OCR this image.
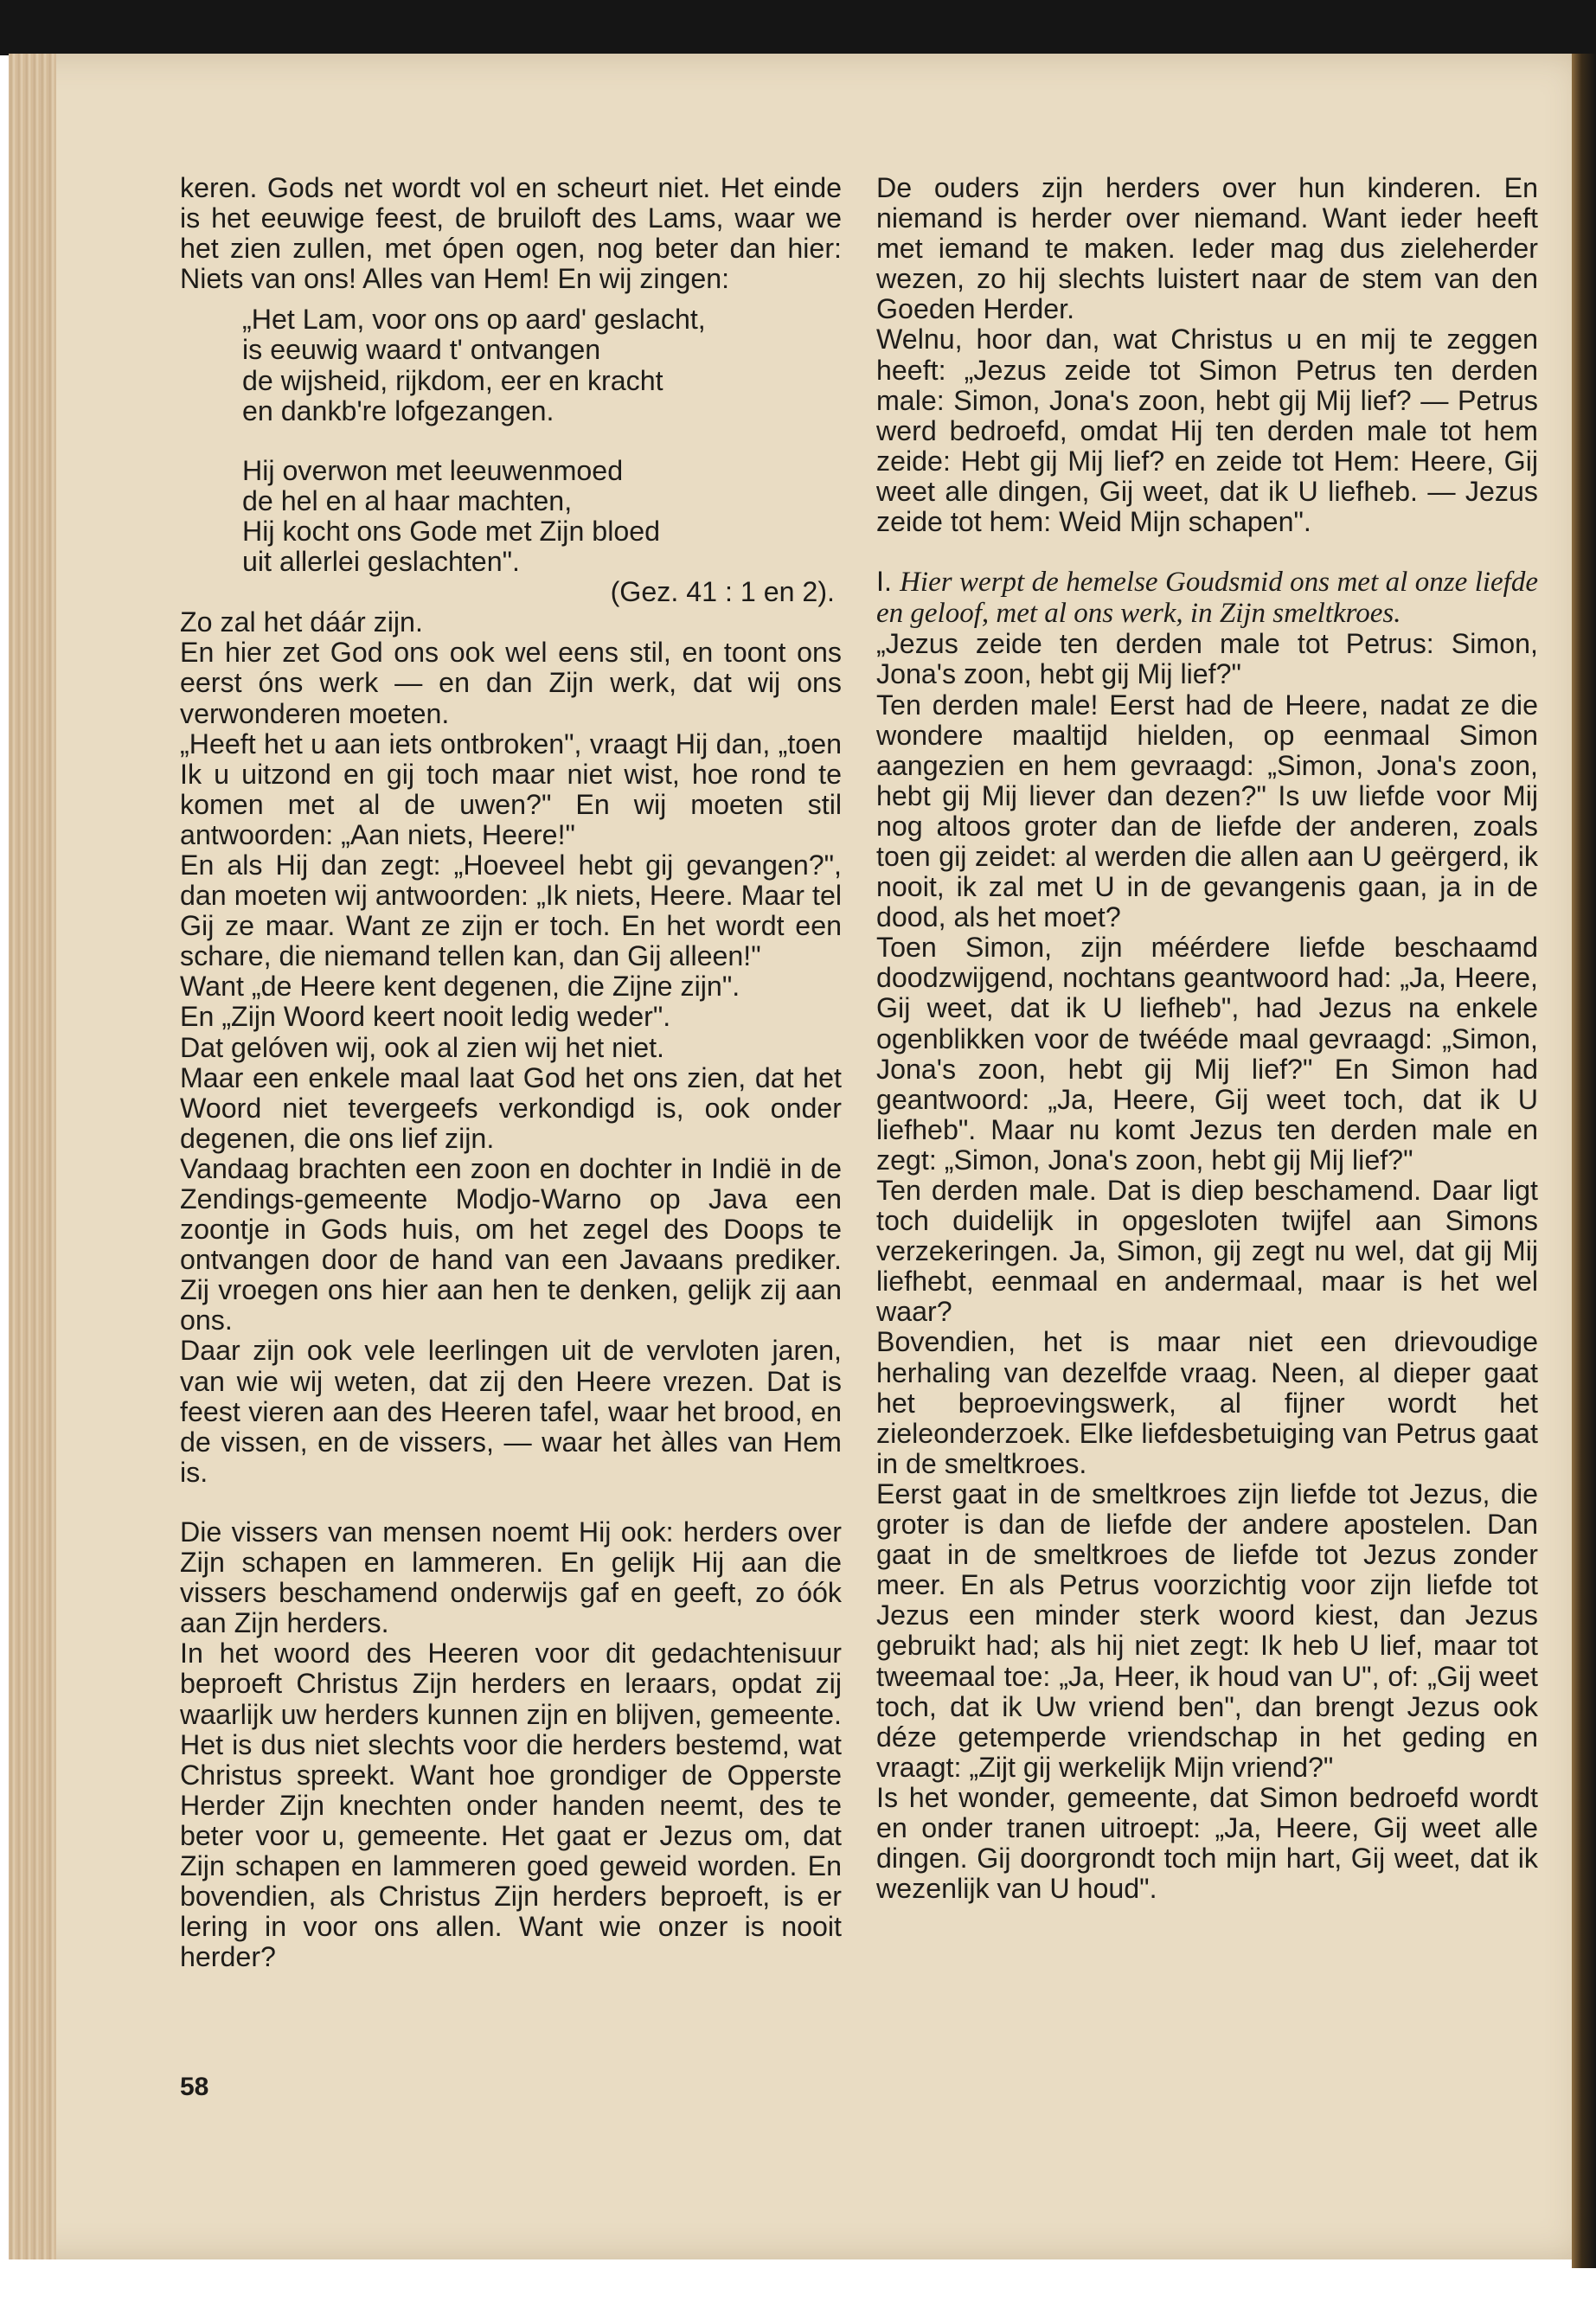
keren. Gods net wordt vol en scheurt niet. Het einde is het eeuwige feest, de bruiloft des Lams, waar we het zien zullen, met ópen ogen, nog beter dan hier: Niets van ons! Alles van Hem! En wij zingen:

„Het Lam, voor ons op aard' geslacht,
is eeuwig waard t' ontvangen
de wijsheid, rijkdom, eer en kracht
en dankb're lofgezangen.
Hij overwon met leeuwenmoed
de hel en al haar machten,
Hij kocht ons Gode met Zijn bloed
uit allerlei geslachten".

(Gez. 41 : 1 en 2).

Zo zal het dáár zijn.

En hier zet God ons ook wel eens stil, en toont ons eerst óns werk — en dan Zijn werk, dat wij ons verwonderen moeten.

„Heeft het u aan iets ontbroken", vraagt Hij dan, „toen Ik u uitzond en gij toch maar niet wist, hoe rond te komen met al de uwen?" En wij moeten stil antwoorden: „Aan niets, Heere!"

En als Hij dan zegt: „Hoeveel hebt gij gevangen?", dan moeten wij antwoorden: „Ik niets, Heere. Maar tel Gij ze maar. Want ze zijn er toch. En het wordt een schare, die niemand tellen kan, dan Gij alleen!"

Want „de Heere kent degenen, die Zijne zijn".

En „Zijn Woord keert nooit ledig weder".

Dat gelóven wij, ook al zien wij het niet.

Maar een enkele maal laat God het ons zien, dat het Woord niet tevergeefs verkondigd is, ook onder degenen, die ons lief zijn.

Vandaag brachten een zoon en dochter in Indië in de Zendings-gemeente Modjo-Warno op Java een zoontje in Gods huis, om het zegel des Doops te ontvangen door de hand van een Javaans prediker. Zij vroegen ons hier aan hen te denken, gelijk zij aan ons.

Daar zijn ook vele leerlingen uit de vervloten jaren, van wie wij weten, dat zij den Heere vrezen. Dat is feest vieren aan des Heeren tafel, waar het brood, en de vissen, en de vissers, — waar het àlles van Hem is.

Die vissers van mensen noemt Hij ook: herders over Zijn schapen en lammeren. En gelijk Hij aan die vissers beschamend onderwijs gaf en geeft, zo óók aan Zijn herders.

In het woord des Heeren voor dit gedachtenisuur beproeft Christus Zijn herders en leraars, opdat zij waarlijk uw herders kunnen zijn en blijven, gemeente. Het is dus niet slechts voor die herders bestemd, wat Christus spreekt. Want hoe grondiger de Opperste Herder Zijn knechten onder handen neemt, des te beter voor u, gemeente. Het gaat er Jezus om, dat Zijn schapen en lammeren goed geweid worden. En bovendien, als Christus Zijn herders beproeft, is er lering in voor ons allen. Want wie onzer is nooit herder?

58

De ouders zijn herders over hun kinderen. En niemand is herder over niemand. Want ieder heeft met iemand te maken. Ieder mag dus zieleherder wezen, zo hij slechts luistert naar de stem van den Goeden Herder.

Welnu, hoor dan, wat Christus u en mij te zeggen heeft: „Jezus zeide tot Simon Petrus ten derden male: Simon, Jona's zoon, hebt gij Mij lief? — Petrus werd bedroefd, omdat Hij ten derden male tot hem zeide: Hebt gij Mij lief? en zeide tot Hem: Heere, Gij weet alle dingen, Gij weet, dat ik U liefheb. — Jezus zeide tot hem: Weid Mijn schapen".

I. Hier werpt de hemelse Goudsmid ons met al onze liefde en geloof, met al ons werk, in Zijn smeltkroes.

„Jezus zeide ten derden male tot Petrus: Simon, Jona's zoon, hebt gij Mij lief?"

Ten derden male! Eerst had de Heere, nadat ze die wondere maaltijd hielden, op eenmaal Simon aangezien en hem gevraagd: „Simon, Jona's zoon, hebt gij Mij liever dan dezen?" Is uw liefde voor Mij nog altoos groter dan de liefde der anderen, zoals toen gij zeidet: al werden die allen aan U geërgerd, ik nooit, ik zal met U in de gevangenis gaan, ja in de dood, als het moet?

Toen Simon, zijn méérdere liefde beschaamd doodzwijgend, nochtans geantwoord had: „Ja, Heere, Gij weet, dat ik U liefheb", had Jezus na enkele ogenblikken voor de twééde maal gevraagd: „Simon, Jona's zoon, hebt gij Mij lief?" En Simon had geantwoord: „Ja, Heere, Gij weet toch, dat ik U liefheb". Maar nu komt Jezus ten derden male en zegt: „Simon, Jona's zoon, hebt gij Mij lief?"

Ten derden male. Dat is diep beschamend. Daar ligt toch duidelijk in opgesloten twijfel aan Simons verzekeringen. Ja, Simon, gij zegt nu wel, dat gij Mij liefhebt, eenmaal en andermaal, maar is het wel waar?

Bovendien, het is maar niet een drievoudige herhaling van dezelfde vraag. Neen, al dieper gaat het beproevingswerk, al fijner wordt het zieleonderzoek. Elke liefdesbetuiging van Petrus gaat in de smeltkroes.

Eerst gaat in de smeltkroes zijn liefde tot Jezus, die groter is dan de liefde der andere apostelen. Dan gaat in de smeltkroes de liefde tot Jezus zonder meer. En als Petrus voorzichtig voor zijn liefde tot Jezus een minder sterk woord kiest, dan Jezus gebruikt had; als hij niet zegt: Ik heb U lief, maar tot tweemaal toe: „Ja, Heer, ik houd van U", of: „Gij weet toch, dat ik Uw vriend ben", dan brengt Jezus ook déze getemperde vriendschap in het geding en vraagt: „Zijt gij werkelijk Mijn vriend?"

Is het wonder, gemeente, dat Simon bedroefd wordt en onder tranen uitroept: „Ja, Heere, Gij weet alle dingen. Gij doorgrondt toch mijn hart, Gij weet, dat ik wezenlijk van U houd".
